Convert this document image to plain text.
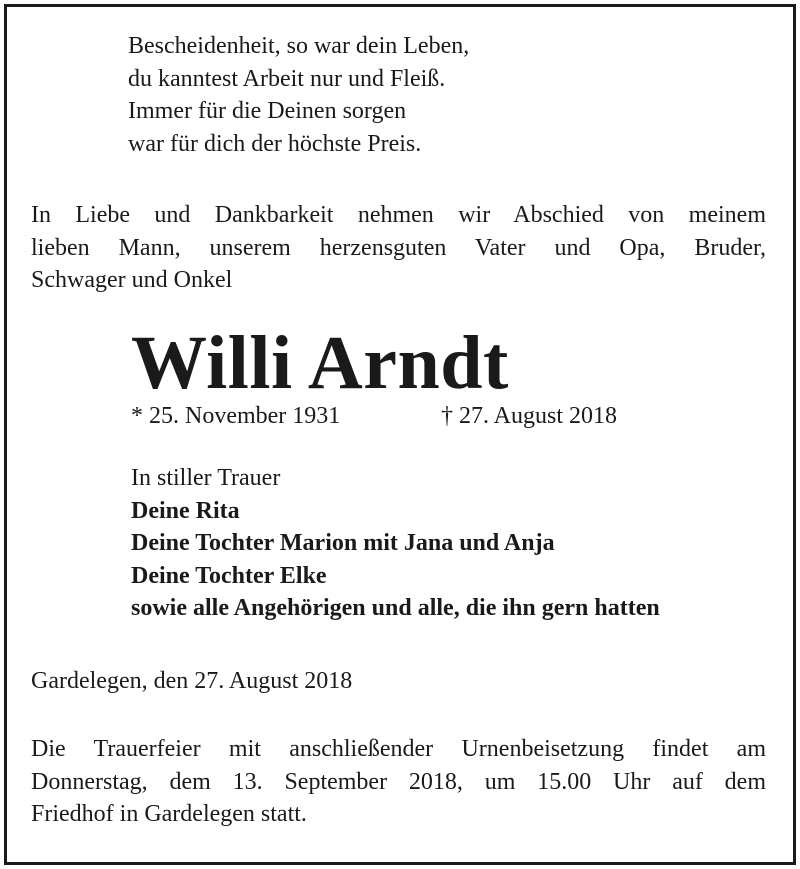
Bescheidenheit, so war dein Leben,
du kanntest Arbeit nur und Fleiß.
Immer für die Deinen sorgen
war für dich der höchste Preis.
In Liebe und Dankbarkeit nehmen wir Abschied von meinem
lieben Mann, unserem herzensguten Vater und Opa, Bruder,
Schwager und Onkel
Willi Arndt
* 25. November 1931	† 27. August 2018
In stiller Trauer
Deine Rita
Deine Tochter Marion mit Jana und Anja
Deine Tochter Elke
sowie alle Angehörigen und alle, die ihn gern hatten
Gardelegen, den 27. August 2018
Die Trauerfeier mit anschließender Urnenbeisetzung findet am
Donnerstag, dem 13. September 2018, um 15.00 Uhr auf dem
Friedhof in Gardelegen statt.
